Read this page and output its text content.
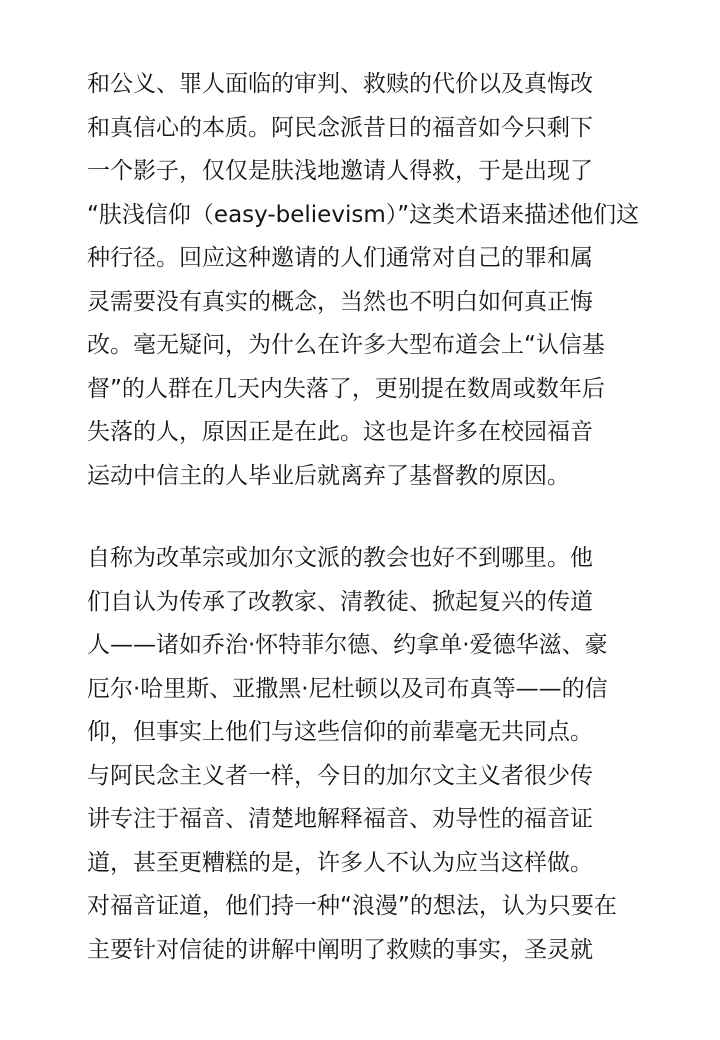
和公义、罪人面临的审判、救赎的代价以及真悔改
和真信心的本质。阿民念派昔日的福音如今只剩下
一个影子，仅仅是肤浅地邀请人得救，于是出现了
“肤浅信仰（easy-believism）”这类术语来描述他们这
种行径。回应这种邀请的人们通常对自己的罪和属
灵需要没有真实的概念，当然也不明白如何真正悔
改。毫无疑问，为什么在许多大型布道会上“认信基
督”的人群在几天内失落了，更别提在数周或数年后
失落的人，原因正是在此。这也是许多在校园福音
运动中信主的人毕业后就离弃了基督教的原因。
自称为改革宗或加尔文派的教会也好不到哪里。他
们自认为传承了改教家、清教徒、掀起复兴的传道
人——诸如乔治·怀特菲尔德、约拿单·爱德华滋、豪
厄尔·哈里斯、亚撒黑·尼杜顿以及司布真等——的信
仰，但事实上他们与这些信仰的前辈毫无共同点。
与阿民念主义者一样，今日的加尔文主义者很少传
讲专注于福音、清楚地解释福音、劝导性的福音证
道，甚至更糟糕的是，许多人不认为应当这样做。
对福音证道，他们持一种“浪漫”的想法，认为只要在
主要针对信徒的讲解中阐明了救赎的事实，圣灵就
